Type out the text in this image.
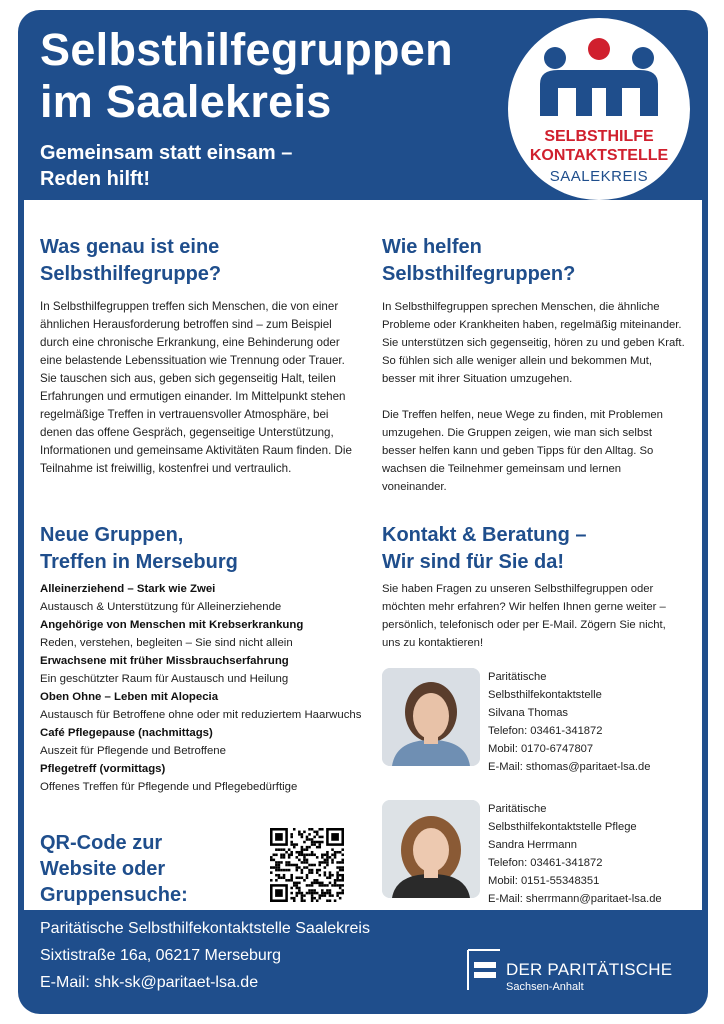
Selbsthilfegruppen
im Saalekreis
Gemeinsam statt einsam –
Reden hilft!
SELBSTHILFE
KONTAKTSTELLE
SAALEKREIS
Was genau ist eine
Selbsthilfegruppe?
In Selbsthilfegruppen treffen sich Menschen, die von einer ähnlichen Herausforderung betroffen sind – zum Beispiel durch eine chronische Erkrankung, eine Behinderung oder eine belastende Lebenssituation wie Trennung oder Trauer. Sie tauschen sich aus, geben sich gegenseitig Halt, teilen Erfahrungen und ermutigen einander. Im Mittelpunkt stehen regelmäßige Treffen in vertrauensvoller Atmosphäre, bei denen das offene Gespräch, gegenseitige Unterstützung, Informationen und gemeinsame Aktivitäten Raum finden. Die Teilnahme ist freiwillig, kostenfrei und vertraulich.
Neue Gruppen,
Treffen in Merseburg
Alleinerziehend – Stark wie Zwei
Austausch & Unterstützung für Alleinerziehende
Angehörige von Menschen mit Krebserkrankung
Reden, verstehen, begleiten – Sie sind nicht allein
Erwachsene mit früher Missbrauchserfahrung
Ein geschützter Raum für Austausch und Heilung
Oben Ohne – Leben mit Alopecia
Austausch für Betroffene ohne oder mit reduziertem Haarwuchs
Café Pflegepause (nachmittags)
Auszeit für Pflegende und Betroffene
Pflegetreff (vormittags)
Offenes Treffen für Pflegende und Pflegebedürftige
QR-Code zur
Website oder
Gruppensuche:
Wie helfen
Selbsthilfegruppen?
In Selbsthilfegruppen sprechen Menschen, die ähnliche Probleme oder Krankheiten haben, regelmäßig miteinander. Sie unterstützen sich gegenseitig, hören zu und geben Kraft. So fühlen sich alle weniger allein und bekommen Mut, besser mit ihrer Situation umzugehen.
Die Treffen helfen, neue Wege zu finden, mit Problemen umzugehen. Die Gruppen zeigen, wie man sich selbst besser helfen kann und geben Tipps für den Alltag. So wachsen die Teilnehmer gemeinsam und lernen voneinander.
Kontakt & Beratung –
Wir sind für Sie da!
Sie haben Fragen zu unseren Selbsthilfegruppen oder möchten mehr erfahren? Wir helfen Ihnen gerne weiter – persönlich, telefonisch oder per E-Mail. Zögern Sie nicht, uns zu kontaktieren!
Paritätische
Selbsthilfekontaktstelle
Silvana Thomas
Telefon: 03461-341872
Mobil: 0170-6747807
E-Mail: sthomas@paritaet-lsa.de
Paritätische
Selbsthilfekontaktstelle Pflege
Sandra Herrmann
Telefon: 03461-341872
Mobil: 0151-55348351
E-Mail: sherrmann@paritaet-lsa.de
Paritätische Selbsthilfekontaktstelle Saalekreis
Sixtistraße 16a, 06217 Merseburg
E-Mail: shk-sk@paritaet-lsa.de
DER PARITÄTISCHE
Sachsen-Anhalt
